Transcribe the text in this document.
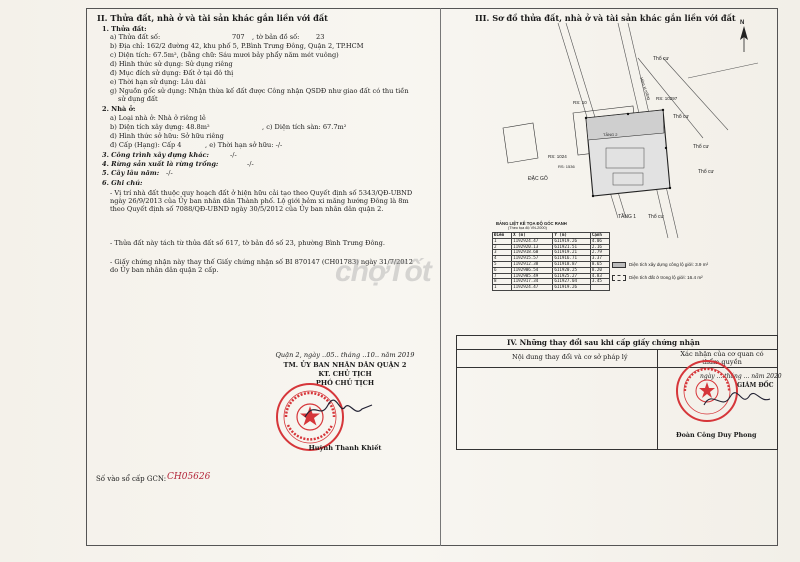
II. Thửa đất, nhà ở và tài sản khác gắn liền với đất
1. Thửa đất:
a) Thửa đất số:	707 , tờ bản đồ số:	23
b) Địa chỉ: 162/2 đường 42, khu phố 5, P.Bình Trưng Đông, Quận 2, TP.HCM
c) Diện tích: 67.5m², (bằng chữ: Sáu mươi bảy phẩy năm mét vuông)
d) Hình thức sử dụng: Sử dụng riêng
đ) Mục đích sử dụng: Đất ở tại đô thị
e) Thời hạn sử dụng: Lâu dài
g) Nguồn gốc sử dụng: Nhận thừa kế đất được Công nhận QSDĐ như giao đất có thu tiền
sử dụng đất
2. Nhà ở:
a) Loại nhà ở: Nhà ở riêng lẻ
b) Diện tích xây dựng: 48.8m²	, c) Diện tích sàn: 67.7m²
d) Hình thức sở hữu: Sở hữu riêng
đ) Cấp (Hạng): Cấp 4	, e) Thời hạn sở hữu: -/-
3. Công trình xây dựng khác:	-/-
4. Rừng sản xuất là rừng trồng:	-/-
5. Cây lâu năm: -/-
6. Ghi chú:
- Vị trí nhà đất thuộc quy hoạch đất ở hiện hữu cải tạo theo Quyết định số 5343/QĐ-UBND ngày 26/9/2013 của Ủy ban nhân dân Thành phố. Lộ giới hẻm xi măng hướng Đông là 8m theo Quyết định số 7088/QĐ-UBND ngày 30/5/2012 của Ủy ban nhân dân quận 2.
- Thửa đất này tách từ thửa đất số 617, tờ bản đồ số 23, phường Bình Trưng Đông.
- Giấy chứng nhận này thay thế Giấy chứng nhận số BI 870147 (CH01783) ngày 31/7/2012 do Ủy ban nhân dân quận 2 cấp.
Quận 2, ngày ..05.. tháng ..10.. năm 2019
TM. ỦY BAN NHÂN DÂN QUẬN 2
KT. CHỦ TỊCH
PHÓ CHỦ TỊCH
Huỳnh Thanh Khiết
Số vào sổ cấp GCN: CH05626
III. Sơ đồ thửa đất, nhà ở và tài sản khác gắn liền với đất
RS: 10
RS: 10297
RS: 1024
Thổ cư
Thổ cư
Thổ cư
Thổ cư
Thổ cư
ĐẶC GÔ
TẦNG 1
TẦNG 2
RS: 1536
Hẻm xi măng
N
BẢNG LIỆT KÊ TỌA ĐỘ GÓC RANH
(Theo tọa độ VN-2000)
Điểm	X (m)	Y (m)	Cạnh
1	1192924.47	611919.26	4.06
2	1192920.13	611921.51	2.16
3	1192918.60	611919.21	2.79
4	1192915.57	611916.71	3.37
5	1192912.38	611918.87	8.65
6	1192906.54	611920.25	8.20
7	1192905.49	611925.27	4.83
8	1192917.34	611927.04	3.45
1	1192924.47	611919.26	
Diện tích xây dựng công lộ giới: 3.9 m²
Diện tích đất ở trong lộ giới: 16.4 m²
chợTốt
IV. Những thay đổi sau khi cấp giấy chứng nhận
Nội dung thay đổi và cơ sở pháp lý	Xác nhận của cơ quan có thẩm quyền
ngày ... tháng ... năm 2020
GIÁM ĐỐC
Đoàn Công Duy Phong
